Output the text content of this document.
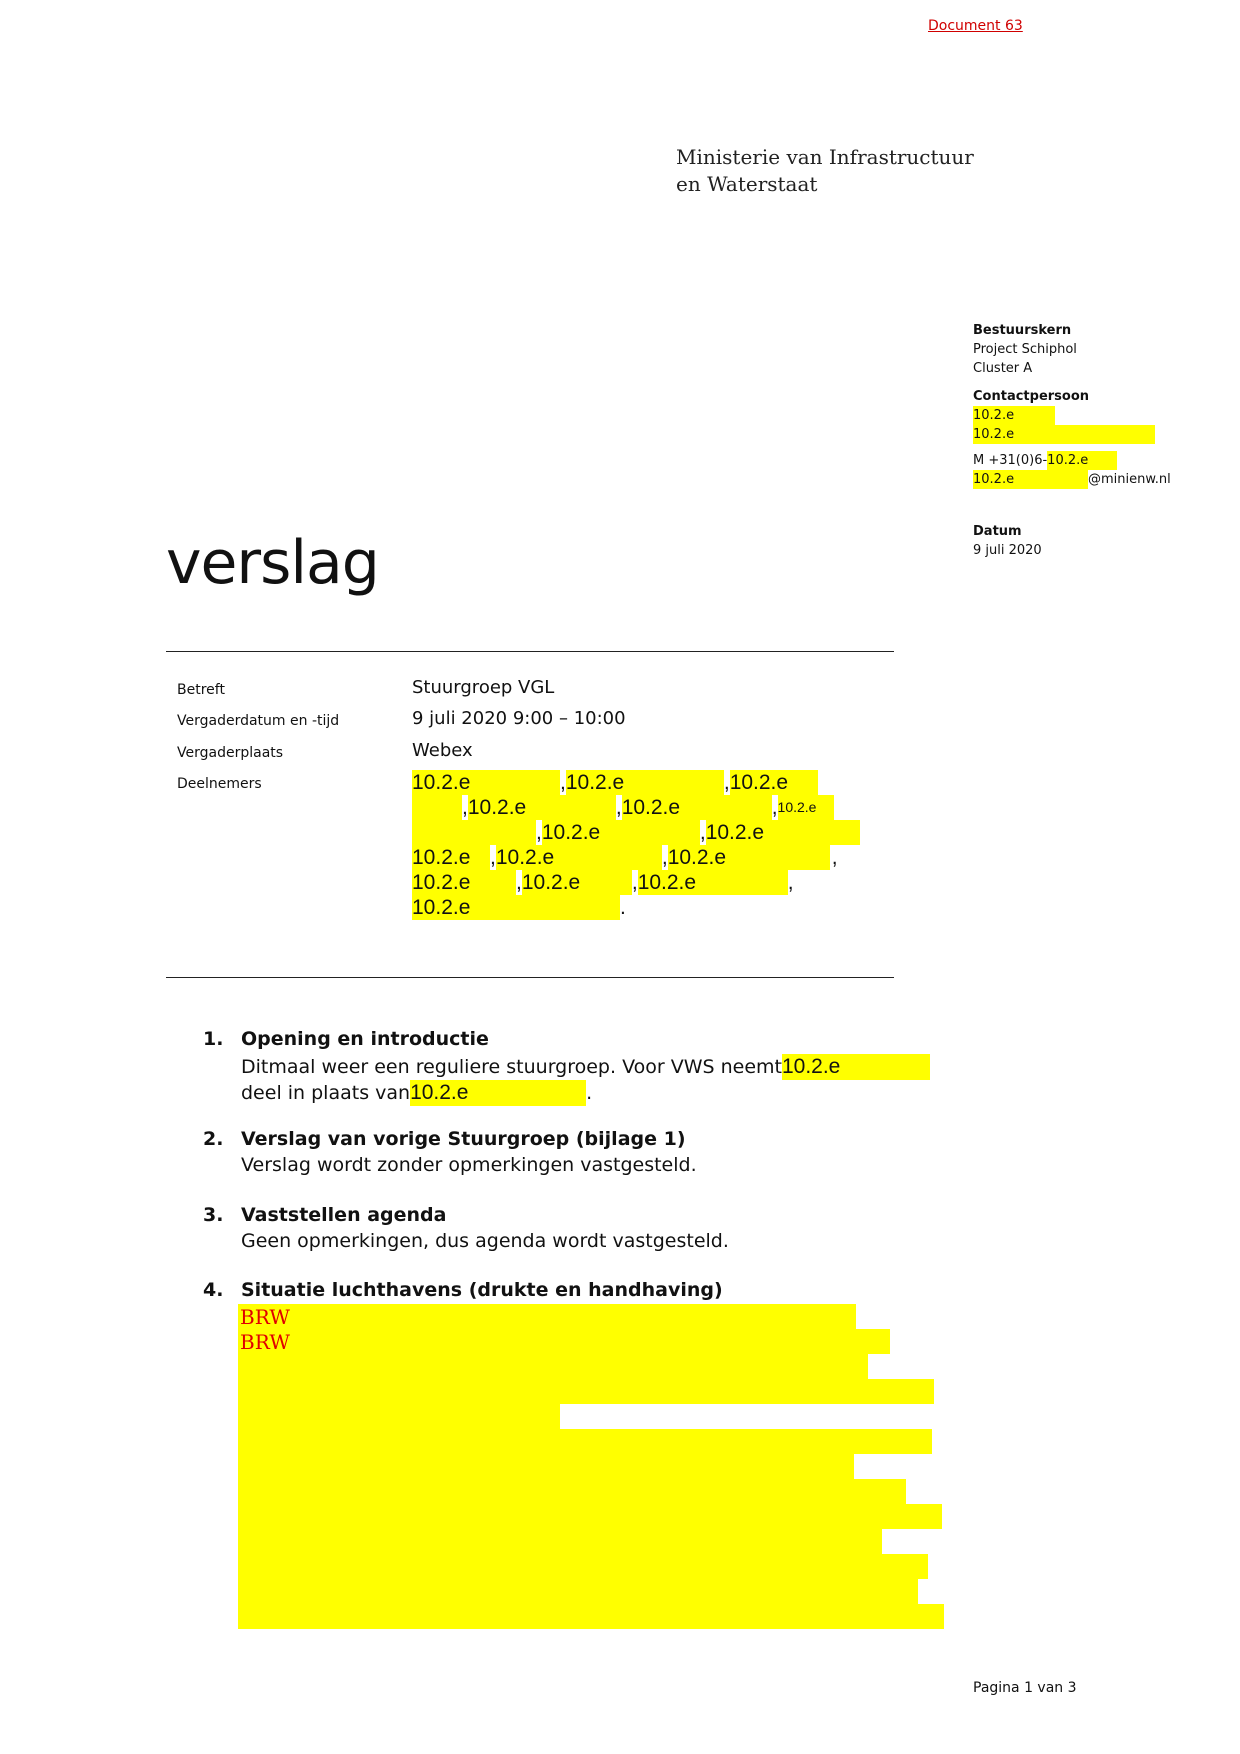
Document 63
Ministerie van Infrastructuur
en Waterstaat
Bestuurskern
Project Schiphol
Cluster A
Contactpersoon
10.2.e
10.2.e
M +31(0)6-10.2.e
10.2.e	@minienw.nl
Datum
9 juli 2020
verslag
Betreft	Stuurgroep VGL
Vergaderdatum en -tijd	9 juli 2020 9:00 – 10:00
Vergaderplaats	Webex
Deelnemers	10.2.e	, 10.2.e	, 10.2.e
, 10.2.e	, 10.2.e	, 10.2.e
, 10.2.e	, 10.2.e
10.2.e , 10.2.e	, 10.2.e	,
10.2.e	, 10.2.e	, 10.2.e	,
10.2.e	.
1. Opening en introductie
Ditmaal weer een reguliere stuurgroep. Voor VWS neemt 10.2.e
deel in plaats van 10.2.e	.
2. Verslag van vorige Stuurgroep (bijlage 1)
Verslag wordt zonder opmerkingen vastgesteld.
3. Vaststellen agenda
Geen opmerkingen, dus agenda wordt vastgesteld.
4. Situatie luchthavens (drukte en handhaving)
BRW
BRW
Pagina 1 van 3
